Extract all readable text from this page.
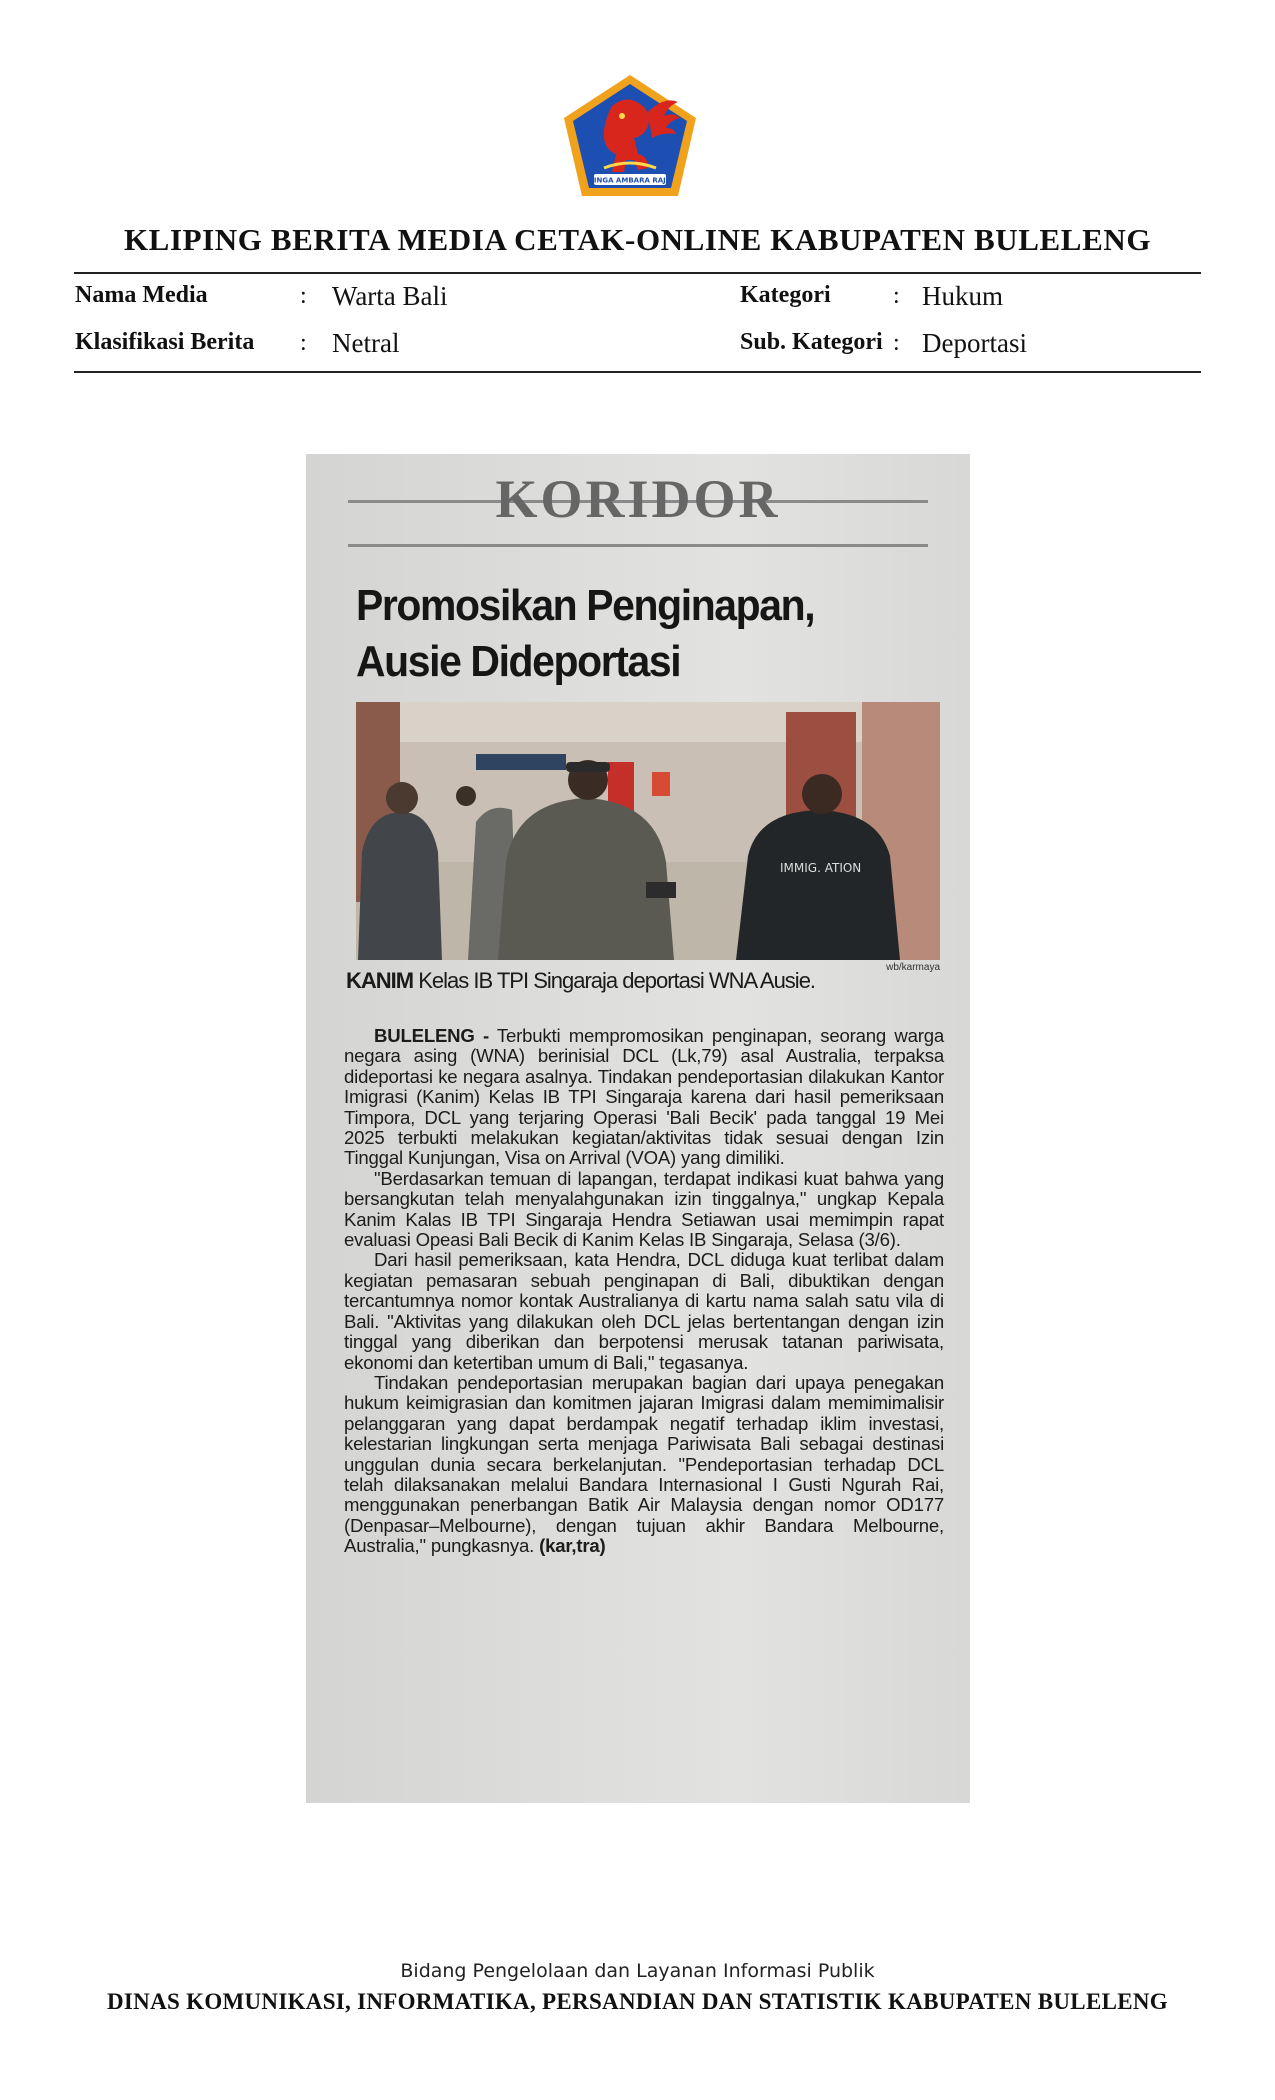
SINGA AMBARA RAJA
KLIPING BERITA MEDIA CETAK-ONLINE KABUPATEN BULELENG
Nama Media	: Warta Bali
Klasifikasi Berita : Netral
Kategori	: Hukum
Sub. Kategori : Deportasi
KORIDOR
Promosikan Penginapan,
Ausie Dideportasi
IMMIG. ATION
wb/karmaya
KANIM Kelas IB TPI Singaraja deportasi WNA Ausie.

BULELENG - Terbukti mempromosikan penginapan, seorang warga negara asing (WNA) berinisial DCL (Lk,79) asal Australia, terpaksa dideportasi ke negara asalnya. Tindakan pendeportasian dilakukan Kantor Imigrasi (Kanim) Kelas IB TPI Singaraja karena dari hasil pemeriksaan Timpora, DCL yang terjaring Operasi 'Bali Becik' pada tanggal 19 Mei 2025 terbukti melakukan kegiatan/aktivitas tidak sesuai dengan Izin Tinggal Kunjungan, Visa on Arrival (VOA) yang dimiliki.

"Berdasarkan temuan di lapangan, terdapat indikasi kuat bahwa yang bersangkutan telah menyalahgunakan izin tinggalnya," ungkap Kepala Kanim Kalas IB TPI Singaraja Hendra Setiawan usai memimpin rapat evaluasi Opeasi Bali Becik di Kanim Kelas IB Singaraja, Selasa (3/6).

Dari hasil pemeriksaan, kata Hendra, DCL diduga kuat terlibat dalam kegiatan pemasaran sebuah penginapan di Bali, dibuktikan dengan tercantumnya nomor kontak Australianya di kartu nama salah satu vila di Bali. "Aktivitas yang dilakukan oleh DCL jelas bertentangan dengan izin tinggal yang diberikan dan berpotensi merusak tatanan pariwisata, ekonomi dan ketertiban umum di Bali," tegasanya.

Tindakan pendeportasian merupakan bagian dari upaya penegakan hukum keimigrasian dan komitmen jajaran Imigrasi dalam memimimalisir pelanggaran yang dapat berdampak negatif terhadap iklim investasi, kelestarian lingkungan serta menjaga Pariwisata Bali sebagai destinasi unggulan dunia secara berkelanjutan. "Pendeportasian terhadap DCL telah dilaksanakan melalui Bandara Internasional I Gusti Ngurah Rai, menggunakan penerbangan Batik Air Malaysia dengan nomor OD177 (Denpasar–Melbourne), dengan tujuan akhir Bandara Melbourne, Australia," pungkasnya. (kar,tra)

Bidang Pengelolaan dan Layanan Informasi Publik
DINAS KOMUNIKASI, INFORMATIKA, PERSANDIAN DAN STATISTIK KABUPATEN BULELENG
